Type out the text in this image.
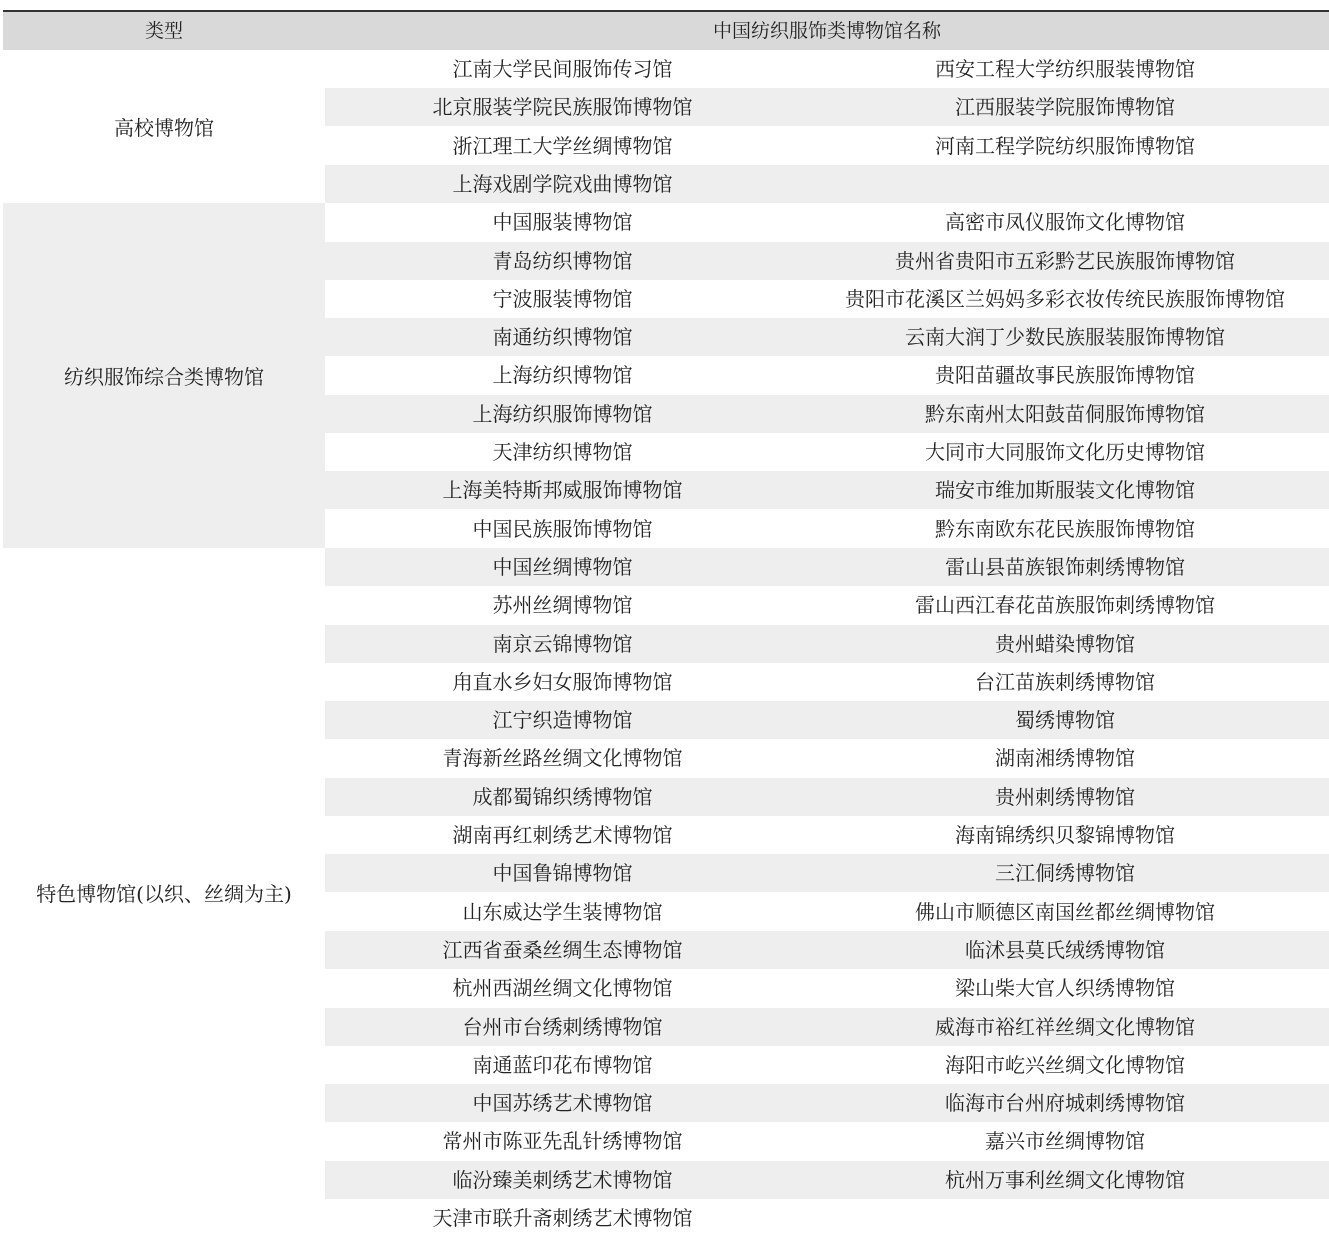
类型	中国纺织服饰类博物馆名称
高校博物馆
江南大学民间服饰传习馆	西安工程大学纺织服装博物馆
北京服装学院民族服饰博物馆	江西服装学院服饰博物馆
浙江理工大学丝绸博物馆	河南工程学院纺织服饰博物馆
上海戏剧学院戏曲博物馆
纺织服饰综合类博物馆
中国服装博物馆	高密市凤仪服饰文化博物馆
青岛纺织博物馆	贵州省贵阳市五彩黔艺民族服饰博物馆
宁波服装博物馆	贵阳市花溪区兰妈妈多彩衣妆传统民族服饰博物馆
南通纺织博物馆	云南大润丁少数民族服装服饰博物馆
上海纺织博物馆	贵阳苗疆故事民族服饰博物馆
上海纺织服饰博物馆	黔东南州太阳鼓苗侗服饰博物馆
天津纺织博物馆	大同市大同服饰文化历史博物馆
上海美特斯邦威服饰博物馆	瑞安市维加斯服装文化博物馆
中国民族服饰博物馆	黔东南欧东花民族服饰博物馆
特色博物馆(以织、丝绸为主)
中国丝绸博物馆	雷山县苗族银饰刺绣博物馆
苏州丝绸博物馆	雷山西江春花苗族服饰刺绣博物馆
南京云锦博物馆	贵州蜡染博物馆
甪直水乡妇女服饰博物馆	台江苗族刺绣博物馆
江宁织造博物馆	蜀绣博物馆
青海新丝路丝绸文化博物馆	湖南湘绣博物馆
成都蜀锦织绣博物馆	贵州刺绣博物馆
湖南再红刺绣艺术博物馆	海南锦绣织贝黎锦博物馆
中国鲁锦博物馆	三江侗绣博物馆
山东威达学生装博物馆	佛山市顺德区南国丝都丝绸博物馆
江西省蚕桑丝绸生态博物馆	临沭县莫氏绒绣博物馆
杭州西湖丝绸文化博物馆	梁山柴大官人织绣博物馆
台州市台绣刺绣博物馆	威海市裕红祥丝绸文化博物馆
南通蓝印花布博物馆	海阳市屹兴丝绸文化博物馆
中国苏绣艺术博物馆	临海市台州府城刺绣博物馆
常州市陈亚先乱针绣博物馆	嘉兴市丝绸博物馆
临汾臻美刺绣艺术博物馆	杭州万事利丝绸文化博物馆
天津市联升斋刺绣艺术博物馆
